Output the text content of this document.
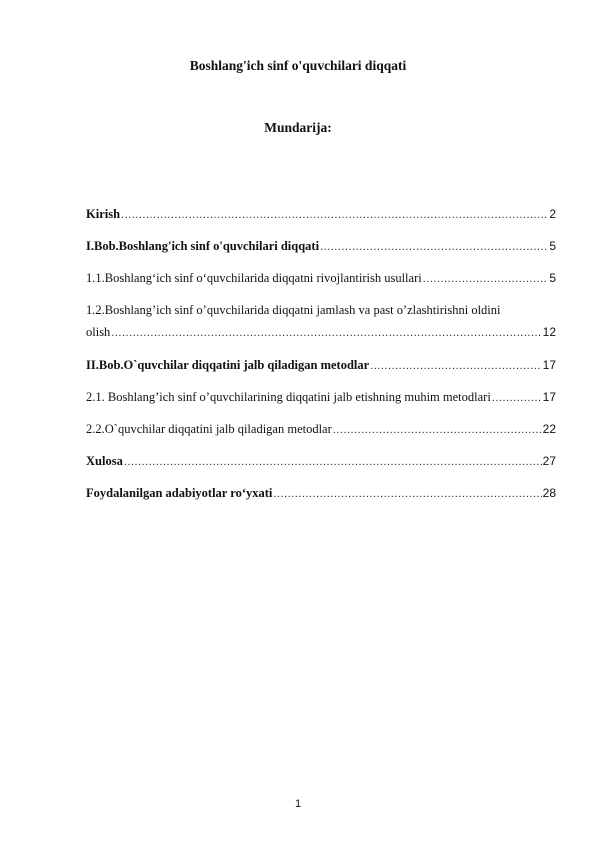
Boshlang'ich sinf o'quvchilari diqqati
Mundarija:
Kirish .....	2
I.Bob.Boshlang'ich sinf o'quvchilari diqqati .....	5
1.1.Boshlang‘ich sinf o‘quvchilarida diqqatni rivojlantirish usullari .....	5
1.2.Boshlang’ich sinf o’quvchilarida diqqatni jamlash va past o’zlashtirishni oldini
olish .....	12
II.Bob.O`quvchilar diqqatini jalb qiladigan metodlar .....	17
2.1. Boshlang’ich sinf o’quvchilarining diqqatini jalb etishning muhim metodlari .....	17
2.2.O`quvchilar diqqatini jalb qiladigan metodlar .....	22
Xulosa .....	27
Foydalanilgan adabiyotlar ro‘yxati .....	28
1
